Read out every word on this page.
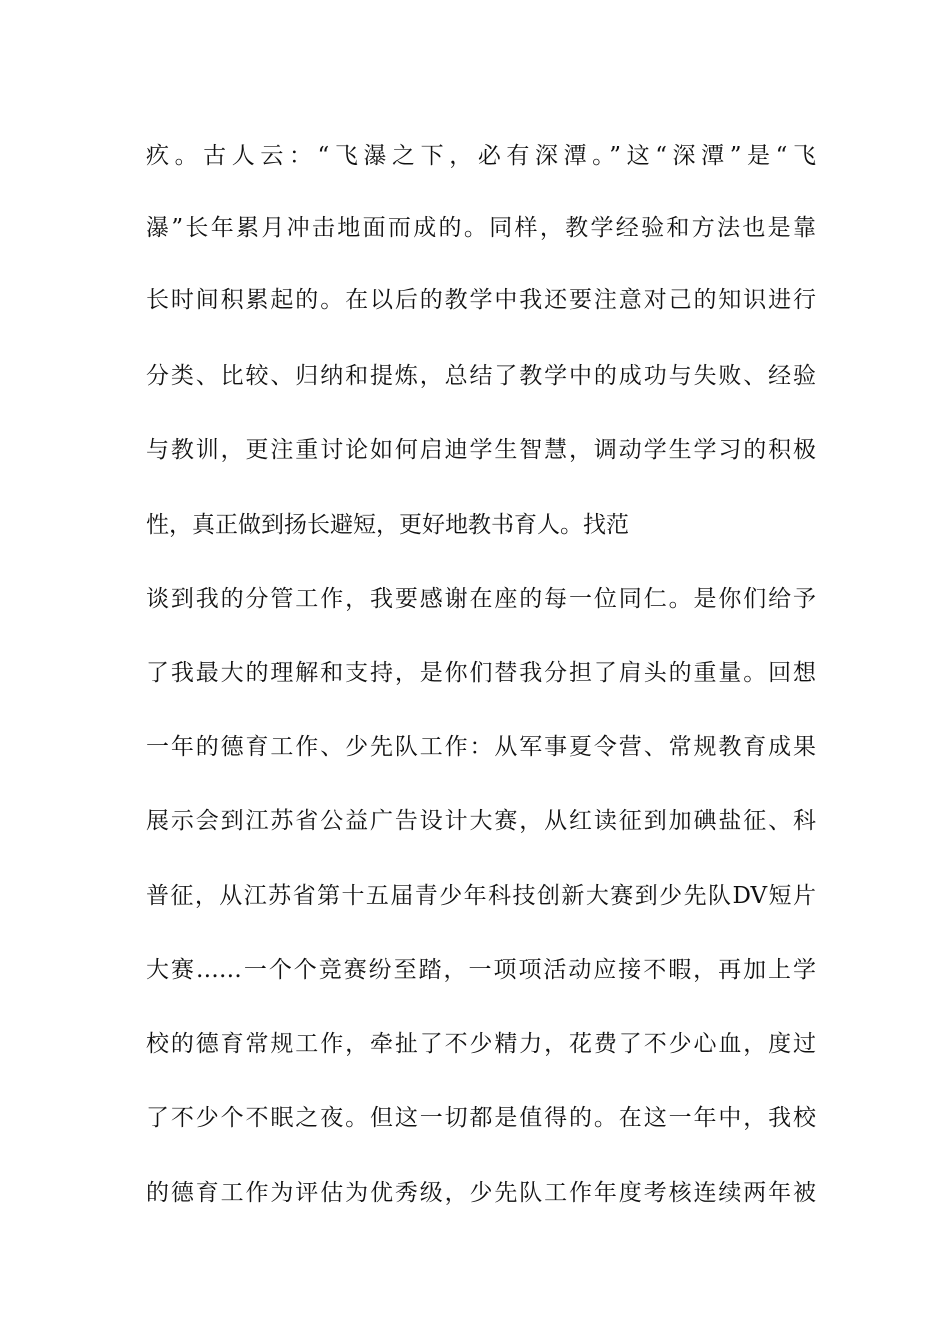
疚。古人云：“飞瀑之下，必有深潭。”这“深潭”是“飞
瀑”长年累月冲击地面而成的。同样，教学经验和方法也是靠
长时间积累起的。在以后的教学中我还要注意对己的知识进行
分类、比较、归纳和提炼，总结了教学中的成功与失败、经验
与教训，更注重讨论如何启迪学生智慧，调动学生学习的积极
性，真正做到扬长避短，更好地教书育人。找范
谈到我的分管工作，我要感谢在座的每一位同仁。是你们给予
了我最大的理解和支持，是你们替我分担了肩头的重量。回想
一年的德育工作、少先队工作：从军事夏令营、常规教育成果
展示会到江苏省公益广告设计大赛，从红读征到加碘盐征、科
普征，从江苏省第十五届青少年科技创新大赛到少先队DV短片
大赛……一个个竞赛纷至踏，一项项活动应接不暇，再加上学
校的德育常规工作，牵扯了不少精力，花费了不少心血，度过
了不少个不眠之夜。但这一切都是值得的。在这一年中，我校
的德育工作为评估为优秀级，少先队工作年度考核连续两年被
